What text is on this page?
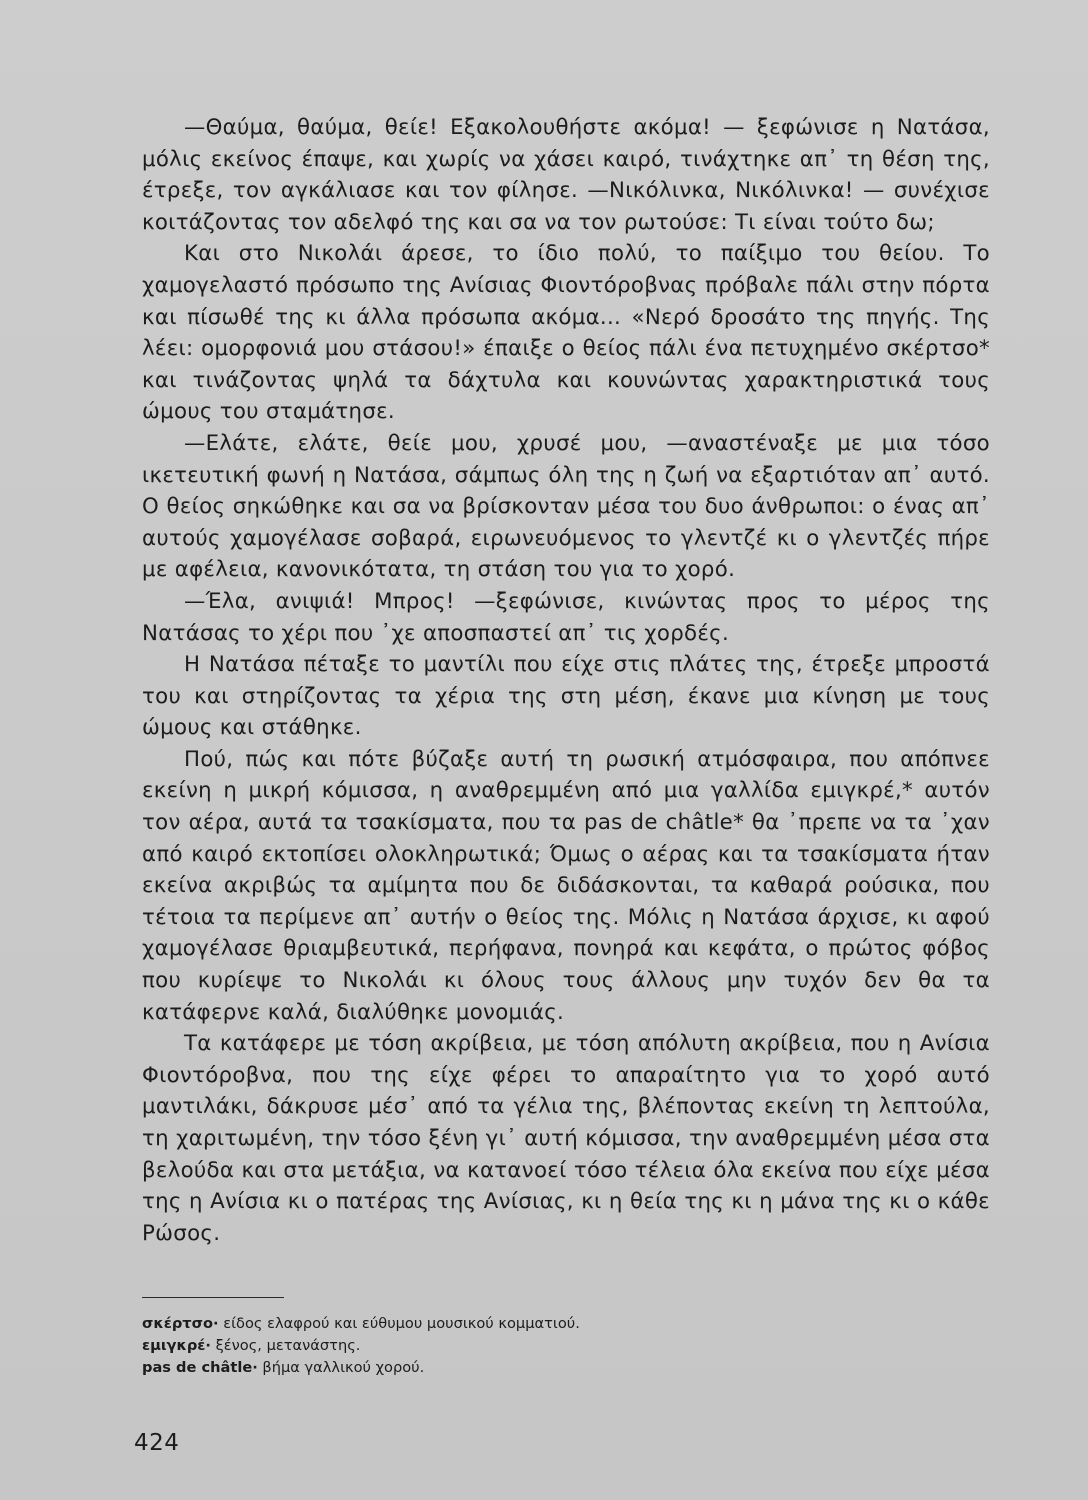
—Θαύμα, θαύμα, θείε! Εξακολουθήστε ακόμα! — ξεφώνισε η Νατάσα, μόλις εκείνος έπαψε, και χωρίς να χάσει καιρό, τινάχτηκε απ᾽ τη θέση της, έτρεξε, τον αγκάλιασε και τον φίλησε. —Νικόλινκα, Νικόλινκα! — συνέχισε κοιτάζοντας τον αδελφό της και σα να τον ρωτούσε: Τι είναι τούτο δω;

Και στο Νικολάι άρεσε, το ίδιο πολύ, το παίξιμο του θείου. Το χαμογελαστό πρόσωπο της Ανίσιας Φιοντόροβνας πρόβαλε πάλι στην πόρτα και πίσωθέ της κι άλλα πρόσωπα ακόμα... «Νερό δροσάτο της πηγής. Της λέει: ομορφονιά μου στάσου!» έπαιξε ο θείος πάλι ένα πετυχημένο σκέρτσο* και τινάζοντας ψηλά τα δάχτυλα και κουνώντας χαρακτηριστικά τους ώμους του σταμάτησε.

—Ελάτε, ελάτε, θείε μου, χρυσέ μου, —αναστέναξε με μια τόσο ικετευτική φωνή η Νατάσα, σάμπως όλη της η ζωή να εξαρτιόταν απ᾽ αυτό. Ο θείος σηκώθηκε και σα να βρίσκονταν μέσα του δυο άνθρωποι: ο ένας απ᾽ αυτούς χαμογέλασε σοβαρά, ειρωνευόμενος το γλεντζέ κι ο γλεντζές πήρε με αφέλεια, κανονικότατα, τη στάση του για το χορό.

—Έλα, ανιψιά! Μπρος! —ξεφώνισε, κινώντας προς το μέρος της Νατάσας το χέρι που ᾽χε αποσπαστεί απ᾽ τις χορδές.

Η Νατάσα πέταξε το μαντίλι που είχε στις πλάτες της, έτρεξε μπροστά του και στηρίζοντας τα χέρια της στη μέση, έκανε μια κίνηση με τους ώμους και στάθηκε.

Πού, πώς και πότε βύζαξε αυτή τη ρωσική ατμόσφαιρα, που απόπνεε εκείνη η μικρή κόμισσα, η αναθρεμμένη από μια γαλλίδα εμιγκρέ,* αυτόν τον αέρα, αυτά τα τσακίσματα, που τα pas de châtle* θα ᾽πρεπε να τα ᾽χαν από καιρό εκτοπίσει ολοκληρωτικά; Όμως ο αέρας και τα τσακίσματα ήταν εκείνα ακριβώς τα αμίμητα που δε διδάσκονται, τα καθαρά ρούσικα, που τέτοια τα περίμενε απ᾽ αυτήν ο θείος της. Μόλις η Νατάσα άρχισε, κι αφού χαμογέλασε θριαμβευτικά, περήφανα, πονηρά και κεφάτα, ο πρώτος φόβος που κυρίεψε το Νικολάι κι όλους τους άλλους μην τυχόν δεν θα τα κατάφερνε καλά, διαλύθηκε μονομιάς.

Τα κατάφερε με τόση ακρίβεια, με τόση απόλυτη ακρίβεια, που η Ανίσια Φιοντόροβνα, που της είχε φέρει το απαραίτητο για το χορό αυτό μαντιλάκι, δάκρυσε μέσ᾽ από τα γέλια της, βλέποντας εκείνη τη λεπτούλα, τη χαριτωμένη, την τόσο ξένη γι᾽ αυτή κόμισσα, την αναθρεμμένη μέσα στα βελούδα και στα μετάξια, να κατανοεί τόσο τέλεια όλα εκείνα που είχε μέσα της η Ανίσια κι ο πατέρας της Ανίσιας, κι η θεία της κι η μάνα της κι ο κάθε Ρώσος.

σκέρτσο· είδος ελαφρού και εύθυμου μουσικού κομματιού.

εμιγκρέ· ξένος, μετανάστης.

pas de châtle· βήμα γαλλικού χορού.

424
